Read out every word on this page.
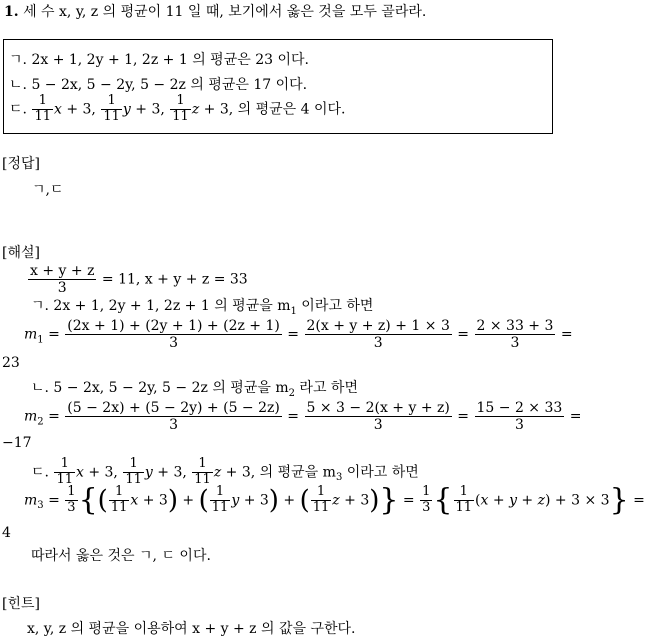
1. 세 수 x, y, z 의 평균이 11 일 때, 보기에서 옳은 것을 모두 골라라.
ㄱ. 2x + 1, 2y + 1, 2z + 1 의 평균은 23 이다.
ㄴ. 5 − 2x, 5 − 2y, 5 − 2z 의 평균은 17 이다.
ㄷ. $\frac{1}{11}$ x + 3, $\frac{1}{11}$ y + 3, $\frac{1}{11}$ z + 3, 의 평균은 4 이다.
[정답]
ㄱ,ㄷ
[해설]
$\frac{x + y + z}{3} = 11$, x + y + z = 33
ㄱ. 2x + 1, 2y + 1, 2z + 1 의 평균을 $m_1$ 이라고 하면
$m_1 = \frac{(2x + 1) + (2y + 1) + (2z + 1)}{3} = \frac{2(x + y + z) + 1 \times 3}{3} = \frac{2 \times 33 + 3}{3}$ =
23
ㄴ. 5 − 2x, 5 − 2y, 5 − 2z 의 평균을 $m_2$ 라고 하면
$m_2 = \frac{(5 - 2x) + (5 - 2y) + (5 - 2z)}{3} = \frac{5 \times 3 - 2(x + y + z)}{3} = \frac{15 - 2 \times 33}{3}$ =
−17
ㄷ. $\frac{1}{11}$ x + 3, $\frac{1}{11}$ y + 3, $\frac{1}{11}$ z + 3, 의 평균을 $m_3$ 이라고 하면
$m_3 = \frac{1}{3}$ {( $\frac{1}{11}$ x + 3) + ( $\frac{1}{11}$ y + 3) + ( $\frac{1}{11}$ $z + 3)\} = \frac{1}{3}$ { $\frac{1}{11} (x + y + z) + 3 \times 3$} =
4
따라서 옳은 것은 ㄱ, ㄷ 이다.
[힌트]
x, y, z 의 평균을 이용하여 x + y + z 의 값을 구한다.
